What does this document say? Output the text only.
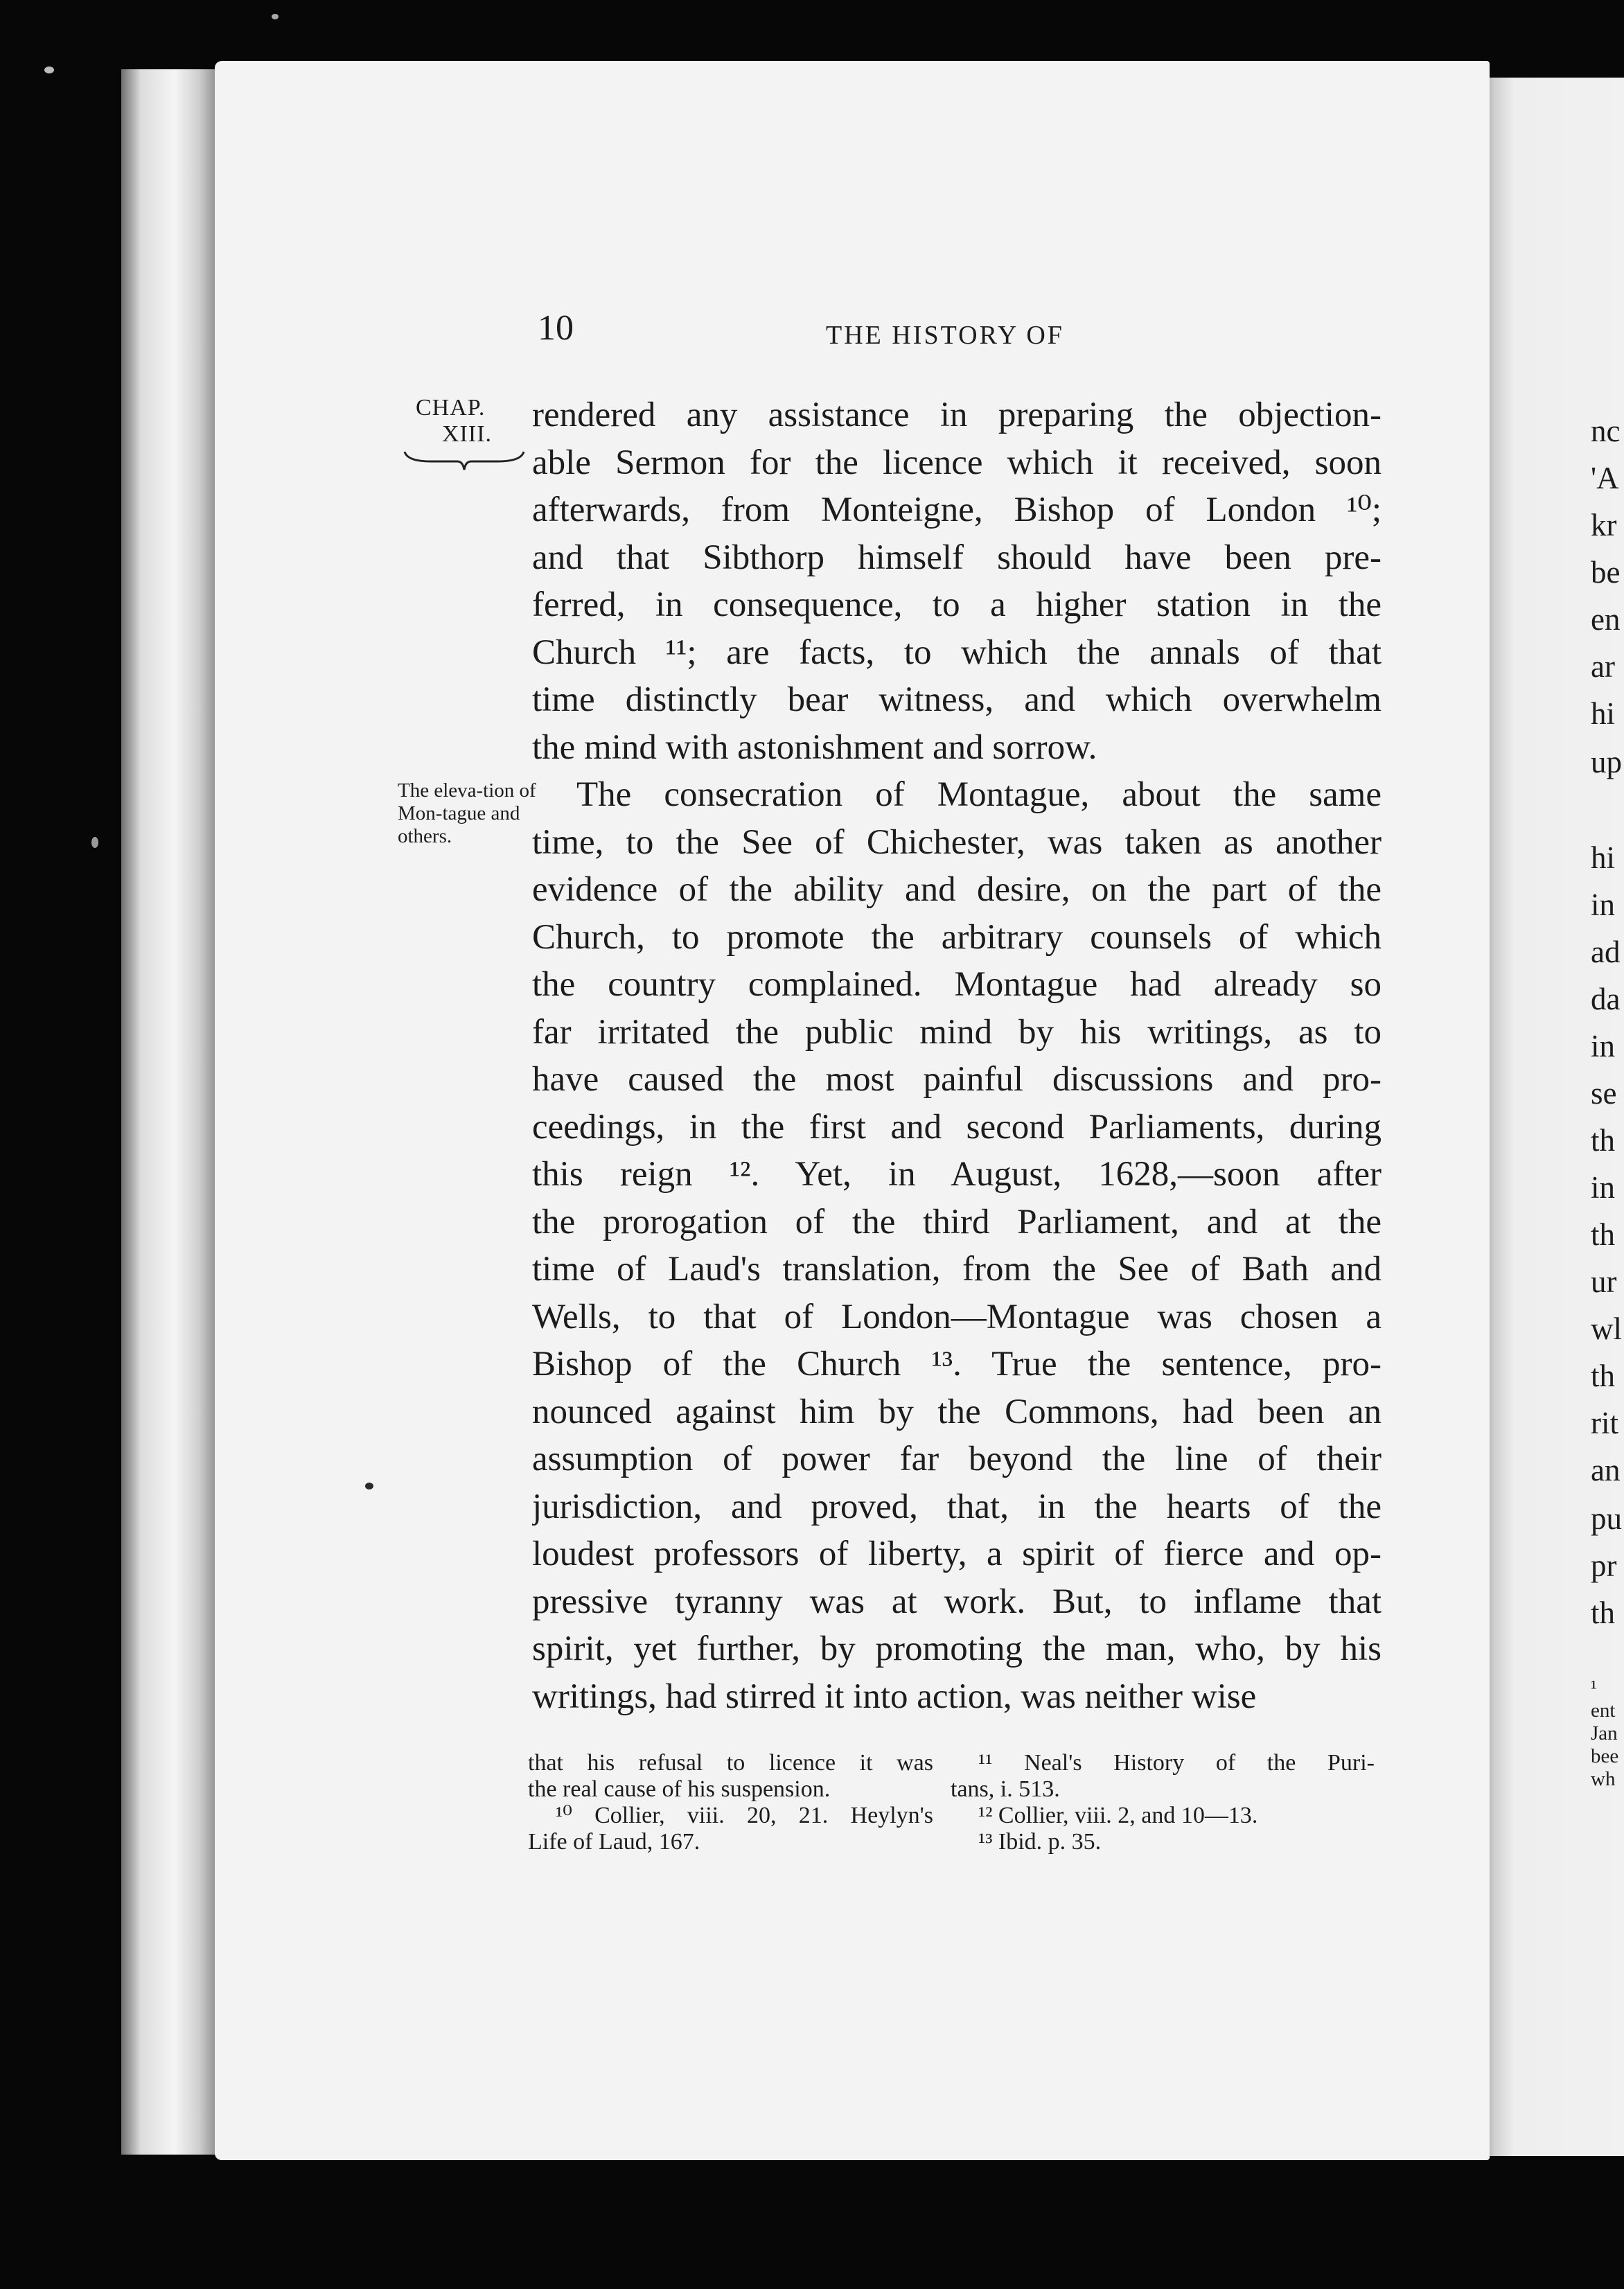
10	THE HISTORY OF
CHAP.
XIII.
The eleva-tion of Mon-tague and others.
rendered any assistance in preparing the objection-
able Sermon for the licence which it received, soon
afterwards, from Monteigne, Bishop of London ¹⁰;
and that Sibthorp himself should have been pre-
ferred, in consequence, to a higher station in the
Church ¹¹; are facts, to which the annals of that
time distinctly bear witness, and which overwhelm
the mind with astonishment and sorrow.
The consecration of Montague, about the same
time, to the See of Chichester, was taken as another
evidence of the ability and desire, on the part of the
Church, to promote the arbitrary counsels of which
the country complained. Montague had already so
far irritated the public mind by his writings, as to
have caused the most painful discussions and pro-
ceedings, in the first and second Parliaments, during
this reign ¹². Yet, in August, 1628,—soon after
the prorogation of the third Parliament, and at the
time of Laud's translation, from the See of Bath and
Wells, to that of London—Montague was chosen a
Bishop of the Church ¹³. True the sentence, pro-
nounced against him by the Commons, had been an
assumption of power far beyond the line of their
jurisdiction, and proved, that, in the hearts of the
loudest professors of liberty, a spirit of fierce and op-
pressive tyranny was at work. But, to inflame that
spirit, yet further, by promoting the man, who, by his
writings, had stirred it into action, was neither wise
that his refusal to licence it was
the real cause of his suspension.
¹⁰ Collier, viii. 20, 21. Heylyn's
Life of Laud, 167.
¹¹ Neal's History of the Puri-
tans, i. 513.
¹² Collier, viii. 2, and 10—13.
¹³ Ibid. p. 35.
nc
'A
kr
be
en
ar
hi
up
hi
in
ad
da
in
se
th
in
th
ur
wl
th
rit
an
pu
pr
th
¹
ent
Jan
bee
wh
